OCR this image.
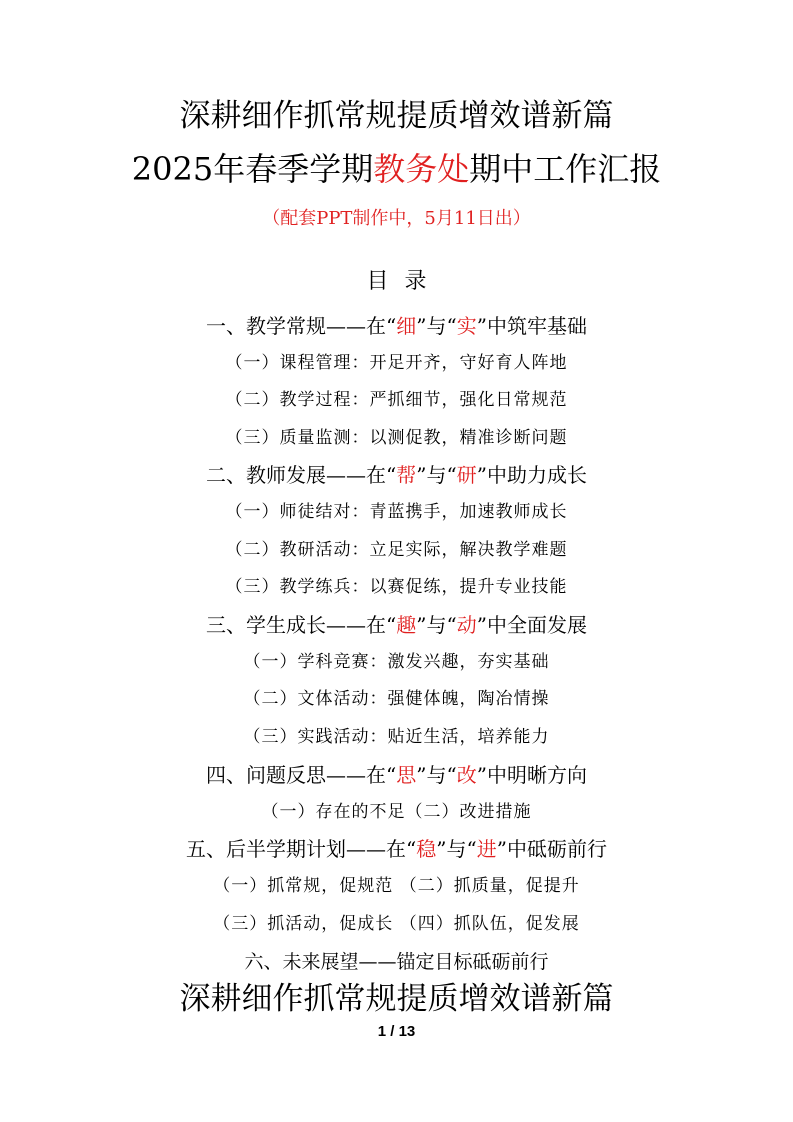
深耕细作抓常规提质增效谱新篇
2025年春季学期教务处期中工作汇报
（配套PPT制作中，5月11日出）
目录
一、教学常规——在“细”与“实”中筑牢基础
（一）课程管理：开足开齐，守好育人阵地
（二）教学过程：严抓细节，强化日常规范
（三）质量监测：以测促教，精准诊断问题
二、教师发展——在“帮”与“研”中助力成长
（一）师徒结对：青蓝携手，加速教师成长
（二）教研活动：立足实际，解决教学难题
（三）教学练兵：以赛促练，提升专业技能
三、学生成长——在“趣”与“动”中全面发展
（一）学科竞赛：激发兴趣，夯实基础
（二）文体活动：强健体魄，陶冶情操
（三）实践活动：贴近生活，培养能力
四、问题反思——在“思”与“改”中明晰方向
（一）存在的不足（二）改进措施
五、后半学期计划——在“稳”与“进”中砥砺前行
（一）抓常规，促规范 （二）抓质量，促提升
（三）抓活动，促成长 （四）抓队伍，促发展
六、未来展望——锚定目标砥砺前行
深耕细作抓常规提质增效谱新篇
1 / 13
